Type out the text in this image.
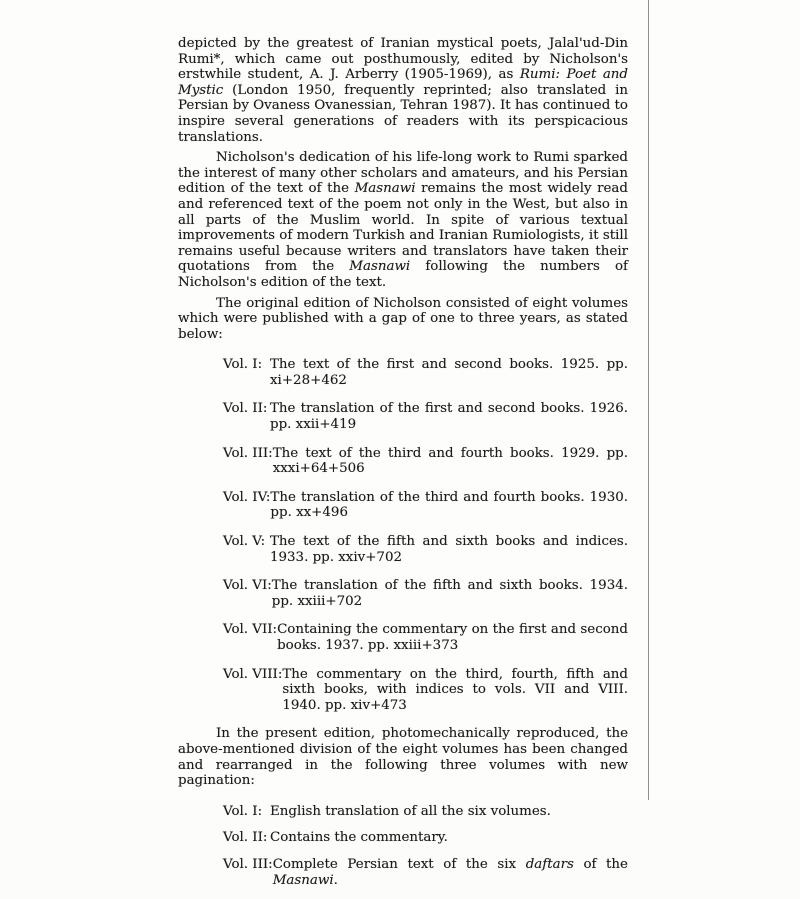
depicted by the greatest of Iranian mystical poets, Jalal'ud-Din Rumi*, which came out posthumously, edited by Nicholson's erstwhile student, A. J. Arberry (1905-1969), as Rumi: Poet and Mystic (London 1950, frequently reprinted; also translated in Persian by Ovaness Ovanessian, Tehran 1987). It has continued to inspire several generations of readers with its perspicacious translations.

Nicholson's dedication of his life-long work to Rumi sparked the interest of many other scholars and amateurs, and his Persian edition of the text of the Masnawi remains the most widely read and referenced text of the poem not only in the West, but also in all parts of the Muslim world. In spite of various textual improvements of modern Turkish and Iranian Rumiologists, it still remains useful because writers and translators have taken their quotations from the Masnawi following the numbers of Nicholson's edition of the text.

The original edition of Nicholson consisted of eight volumes which were published with a gap of one to three years, as stated below:

Vol. I: The text of the first and second books. 1925. pp. xi+28+462
Vol. II: The translation of the first and second books. 1926. pp. xxii+419
Vol. III: The text of the third and fourth books. 1929. pp. xxxi+64+506
Vol. IV: The translation of the third and fourth books. 1930. pp. xx+496
Vol. V: The text of the fifth and sixth books and indices. 1933. pp. xxiv+702
Vol. VI: The translation of the fifth and sixth books. 1934. pp. xxiii+702
Vol. VII: Containing the commentary on the first and second books. 1937. pp. xxiii+373
Vol. VIII: The commentary on the third, fourth, fifth and sixth books, with indices to vols. VII and VIII. 1940. pp. xiv+473

In the present edition, photomechanically reproduced, the above-mentioned division of the eight volumes has been changed and rearranged in the following three volumes with new pagination:

Vol. I: English translation of all the six volumes.
Vol. II: Contains the commentary.
Vol. III: Complete Persian text of the six daftars of the Masnawi.
